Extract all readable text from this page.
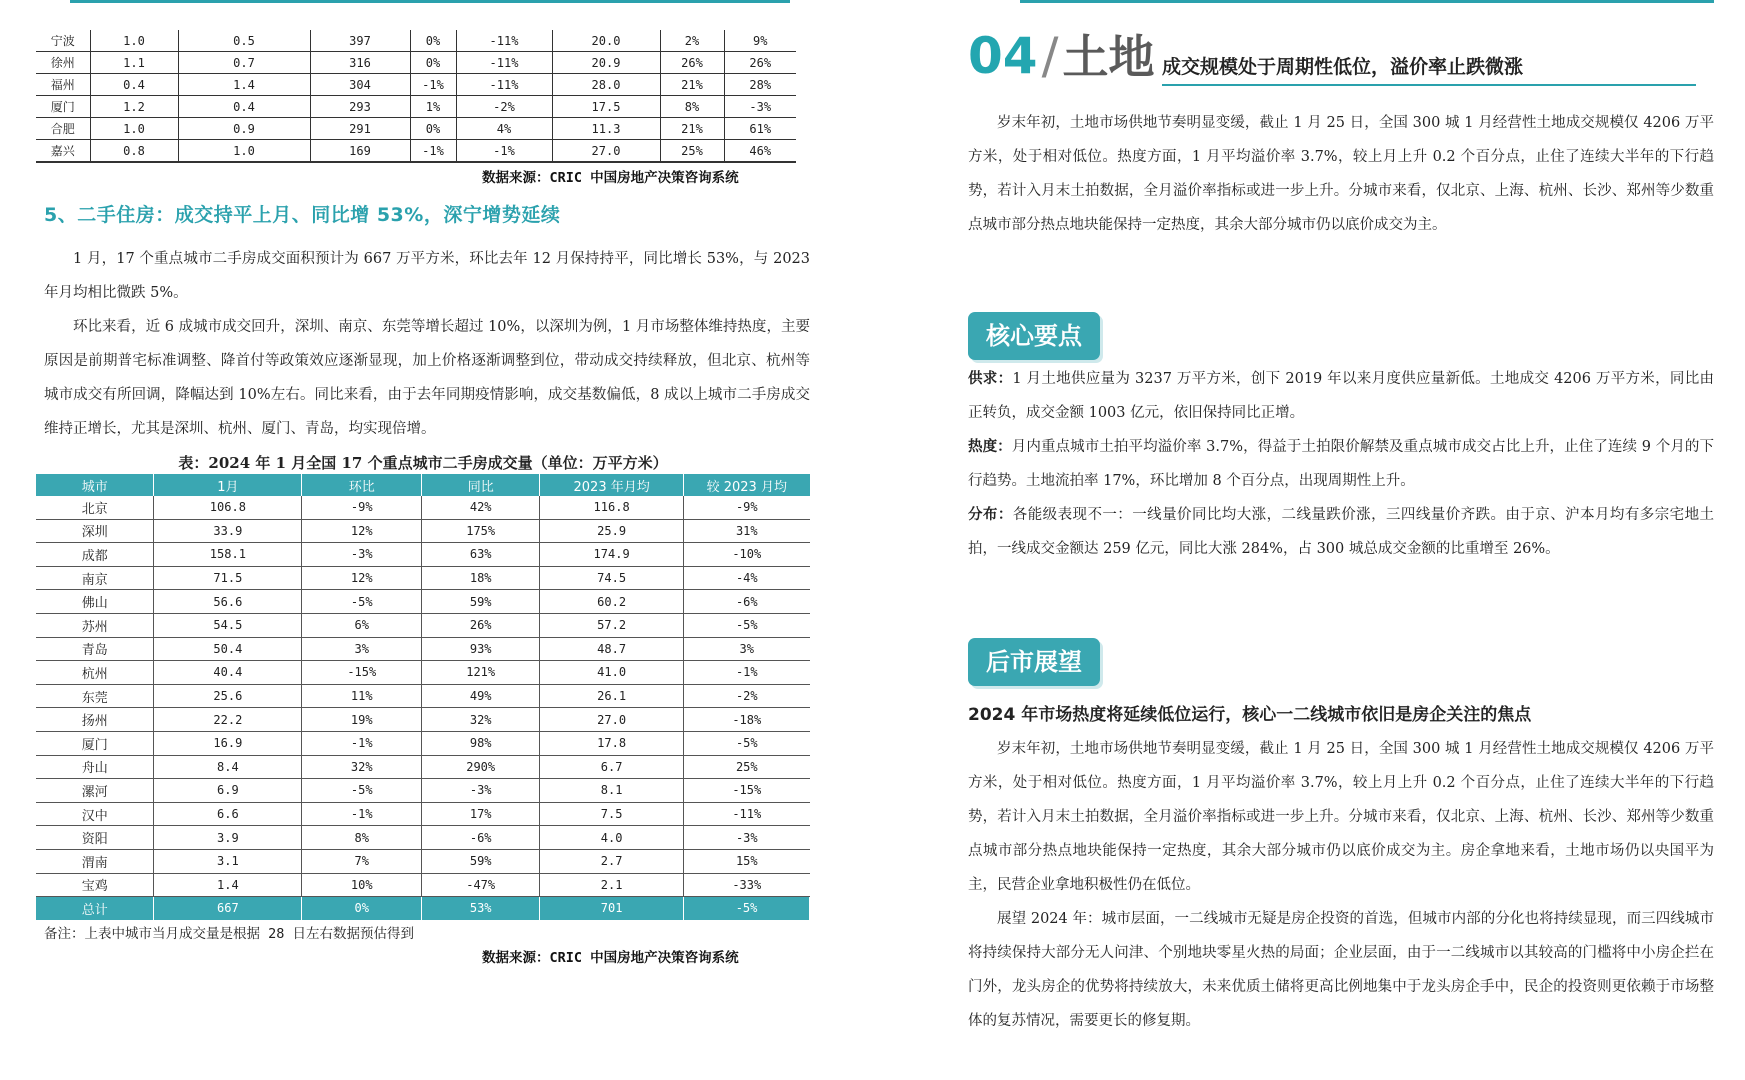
宁波	1.0	0.5	397	0%	-11%	20.0	2%	9%
徐州	1.1	0.7	316	0%	-11%	20.9	26%	26%
福州	0.4	1.4	304	-1%	-11%	28.0	21%	28%
厦门	1.2	0.4	293	1%	-2%	17.5	8%	-3%
合肥	1.0	0.9	291	0%	4%	11.3	21%	61%
嘉兴	0.8	1.0	169	-1%	-1%	27.0	25%	46%
数据来源：CRIC 中国房地产决策咨询系统
5、二手住房：成交持平上月、同比增 53%，深宁增势延续

1 月，17 个重点城市二手房成交面积预计为 667 万平方米，环比去年 12 月保持持平，同比增长 53%，与 2023 年月均相比微跌 5%。

环比来看，近 6 成城市成交回升，深圳、南京、东莞等增长超过 10%，以深圳为例，1 月市场整体维持热度，主要原因是前期普宅标准调整、降首付等政策效应逐渐显现，加上价格逐渐调整到位，带动成交持续释放，但北京、杭州等城市成交有所回调，降幅达到 10%左右。同比来看，由于去年同期疫情影响，成交基数偏低，8 成以上城市二手房成交维持正增长，尤其是深圳、杭州、厦门、青岛，均实现倍增。

表：2024 年 1 月全国 17 个重点城市二手房成交量（单位：万平方米）
城市	1月	环比	同比	2023 年月均	较 2023 月均
北京	106.8	-9%	42%	116.8	-9%
深圳	33.9	12%	175%	25.9	31%
成都	158.1	-3%	63%	174.9	-10%
南京	71.5	12%	18%	74.5	-4%
佛山	56.6	-5%	59%	60.2	-6%
苏州	54.5	6%	26%	57.2	-5%
青岛	50.4	3%	93%	48.7	3%
杭州	40.4	-15%	121%	41.0	-1%
东莞	25.6	11%	49%	26.1	-2%
扬州	22.2	19%	32%	27.0	-18%
厦门	16.9	-1%	98%	17.8	-5%
舟山	8.4	32%	290%	6.7	25%
漯河	6.9	-5%	-3%	8.1	-15%
汉中	6.6	-1%	17%	7.5	-11%
资阳	3.9	8%	-6%	4.0	-3%
渭南	3.1	7%	59%	2.7	15%
宝鸡	1.4	10%	-47%	2.1	-33%
总计	667	0%	53%	701	-5%
备注：上表中城市当月成交量是根据 28 日左右数据预估得到
数据来源：CRIC 中国房地产决策咨询系统
04/土地 成交规模处于周期性低位，溢价率止跌微涨

岁末年初，土地市场供地节奏明显变缓，截止 1 月 25 日，全国 300 城 1 月经营性土地成交规模仅 4206 万平方米，处于相对低位。热度方面，1 月平均溢价率 3.7%，较上月上升 0.2 个百分点，止住了连续大半年的下行趋势，若计入月末土拍数据，全月溢价率指标或进一步上升。分城市来看，仅北京、上海、杭州、长沙、郑州等少数重点城市部分热点地块能保持一定热度，其余大部分城市仍以底价成交为主。

核心要点

供求：1 月土地供应量为 3237 万平方米，创下 2019 年以来月度供应量新低。土地成交 4206 万平方米，同比由正转负，成交金额 1003 亿元，依旧保持同比正增。

热度：月内重点城市土拍平均溢价率 3.7%，得益于土拍限价解禁及重点城市成交占比上升，止住了连续 9 个月的下行趋势。土地流拍率 17%，环比增加 8 个百分点，出现周期性上升。

分布：各能级表现不一：一线量价同比均大涨，二线量跌价涨，三四线量价齐跌。由于京、沪本月均有多宗宅地土拍，一线成交金额达 259 亿元，同比大涨 284%，占 300 城总成交金额的比重增至 26%。

后市展望
2024 年市场热度将延续低位运行，核心一二线城市依旧是房企关注的焦点

岁末年初，土地市场供地节奏明显变缓，截止 1 月 25 日，全国 300 城 1 月经营性土地成交规模仅 4206 万平方米，处于相对低位。热度方面，1 月平均溢价率 3.7%，较上月上升 0.2 个百分点，止住了连续大半年的下行趋势，若计入月末土拍数据，全月溢价率指标或进一步上升。分城市来看，仅北京、上海、杭州、长沙、郑州等少数重点城市部分热点地块能保持一定热度，其余大部分城市仍以底价成交为主。房企拿地来看，土地市场仍以央国平为主，民营企业拿地积极性仍在低位。

展望 2024 年：城市层面，一二线城市无疑是房企投资的首选，但城市内部的分化也将持续显现，而三四线城市将持续保持大部分无人问津、个别地块零星火热的局面；企业层面，由于一二线城市以其较高的门槛将中小房企拦在门外，龙头房企的优势将持续放大，未来优质土储将更高比例地集中于龙头房企手中，民企的投资则更依赖于市场整体的复苏情况，需要更长的修复期。
